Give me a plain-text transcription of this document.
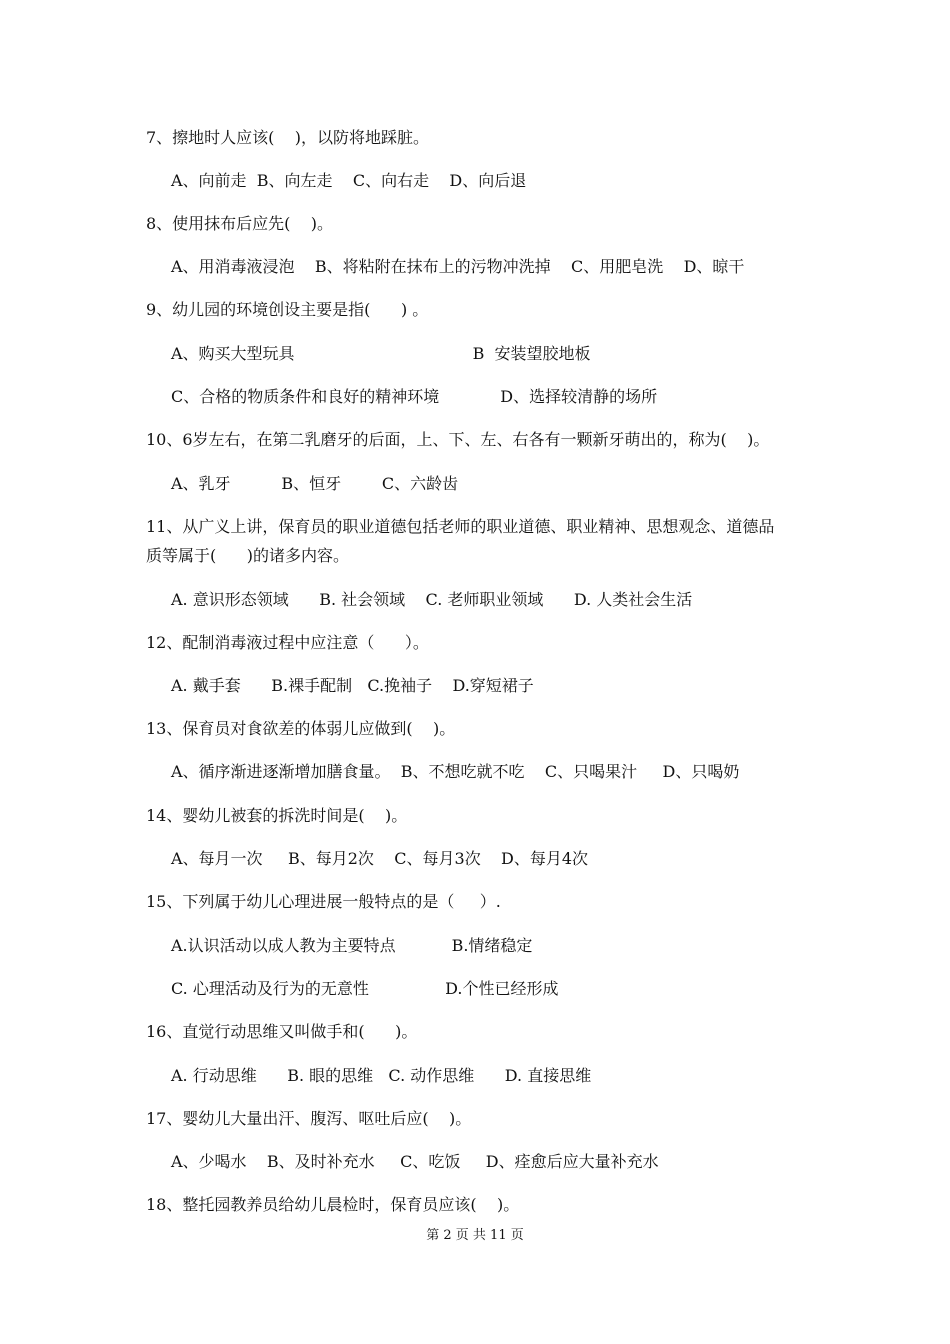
7、擦地时人应该(    )，以防将地踩脏。

A、向前走  B、向左走    C、向右走    D、向后退

8、使用抹布后应先(    )。

A、用消毒液浸泡    B、将粘附在抹布上的污物冲洗掉    C、用肥皂洗    D、晾干

9、幼儿园的环境创设主要是指(      ) 。

A、购买大型玩具                                   B  安装望胶地板

C、合格的物质条件和良好的精神环境            D、选择较清静的场所

10、6岁左右，在第二乳磨牙的后面，上、下、左、右各有一颗新牙萌出的，称为(    )。

A、乳牙          B、恒牙        C、六龄齿

11、从广义上讲，保育员的职业道德包括老师的职业道德、职业精神、思想观念、道德品

质等属于(      )的诸多内容。

A. 意识形态领域      B. 社会领域    C. 老师职业领域      D. 人类社会生活

12、配制消毒液过程中应注意（      ）。

A. 戴手套      B.裸手配制   C.挽袖子    D.穿短裙子

13、保育员对食欲差的体弱儿应做到(    )。

A、循序渐进逐渐增加膳食量。  B、不想吃就不吃    C、只喝果汁     D、只喝奶

14、婴幼儿被套的拆洗时间是(    )。

A、每月一次     B、每月2次    C、每月3次    D、每月4次

15、下列属于幼儿心理进展一般特点的是（     ）.

A.认识活动以成人教为主要特点           B.情绪稳定

C. 心理活动及行为的无意性               D.个性已经形成

16、直觉行动思维又叫做手和(      )。

A. 行动思维      B. 眼的思维   C. 动作思维      D. 直接思维

17、婴幼儿大量出汗、腹泻、呕吐后应(    )。

A、少喝水    B、及时补充水     C、吃饭     D、痊愈后应大量补充水

18、整托园教养员给幼儿晨检时，保育员应该(    )。

第 2 页 共 11 页
